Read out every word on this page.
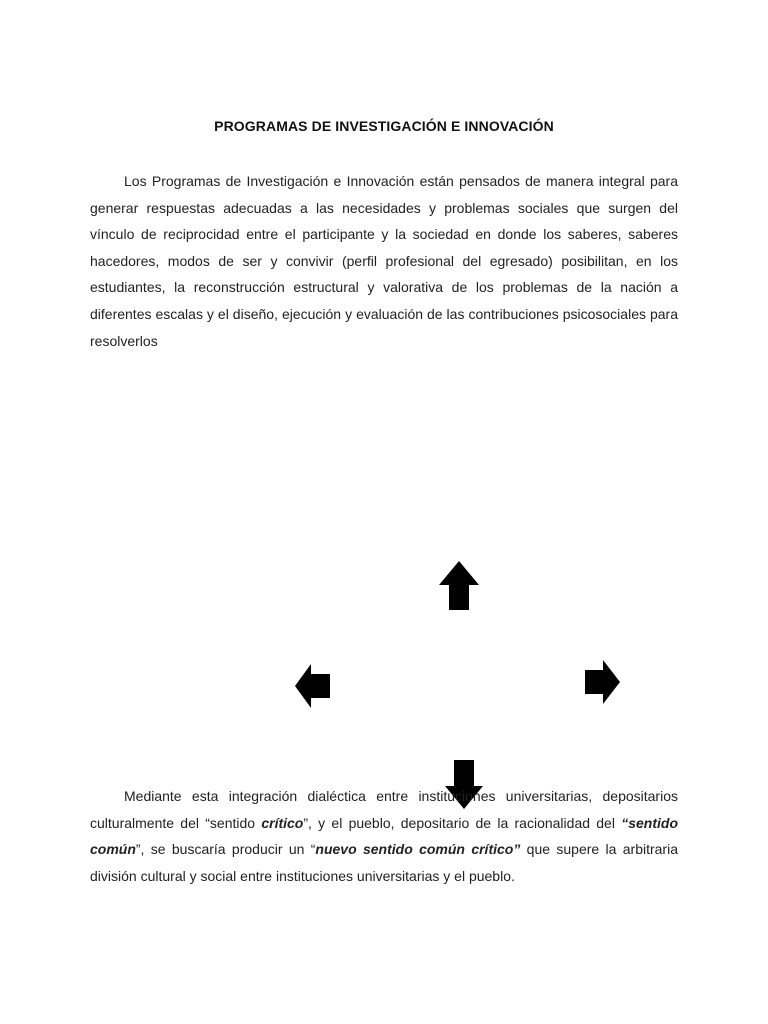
PROGRAMAS DE INVESTIGACIÓN E INNOVACIÓN

Los Programas de Investigación e Innovación están pensados de manera integral para generar respuestas adecuadas a las necesidades y problemas sociales que surgen del vínculo de reciprocidad entre el participante y la sociedad en donde los saberes, saberes hacedores, modos de ser y convivir (perfil profesional del egresado) posibilitan, en los estudiantes, la reconstrucción estructural y valorativa de los problemas de la nación a diferentes escalas y el diseño, ejecución y evaluación de las contribuciones psicosociales para resolverlos

Mediante esta integración dialéctica entre instituciones universitarias, depositarios culturalmente del “sentido crítico”, y el pueblo, depositario de la racionalidad del “sentido común”, se buscaría producir un “nuevo sentido común crítico” que supere la arbitraria división cultural y social entre instituciones universitarias y el pueblo.
